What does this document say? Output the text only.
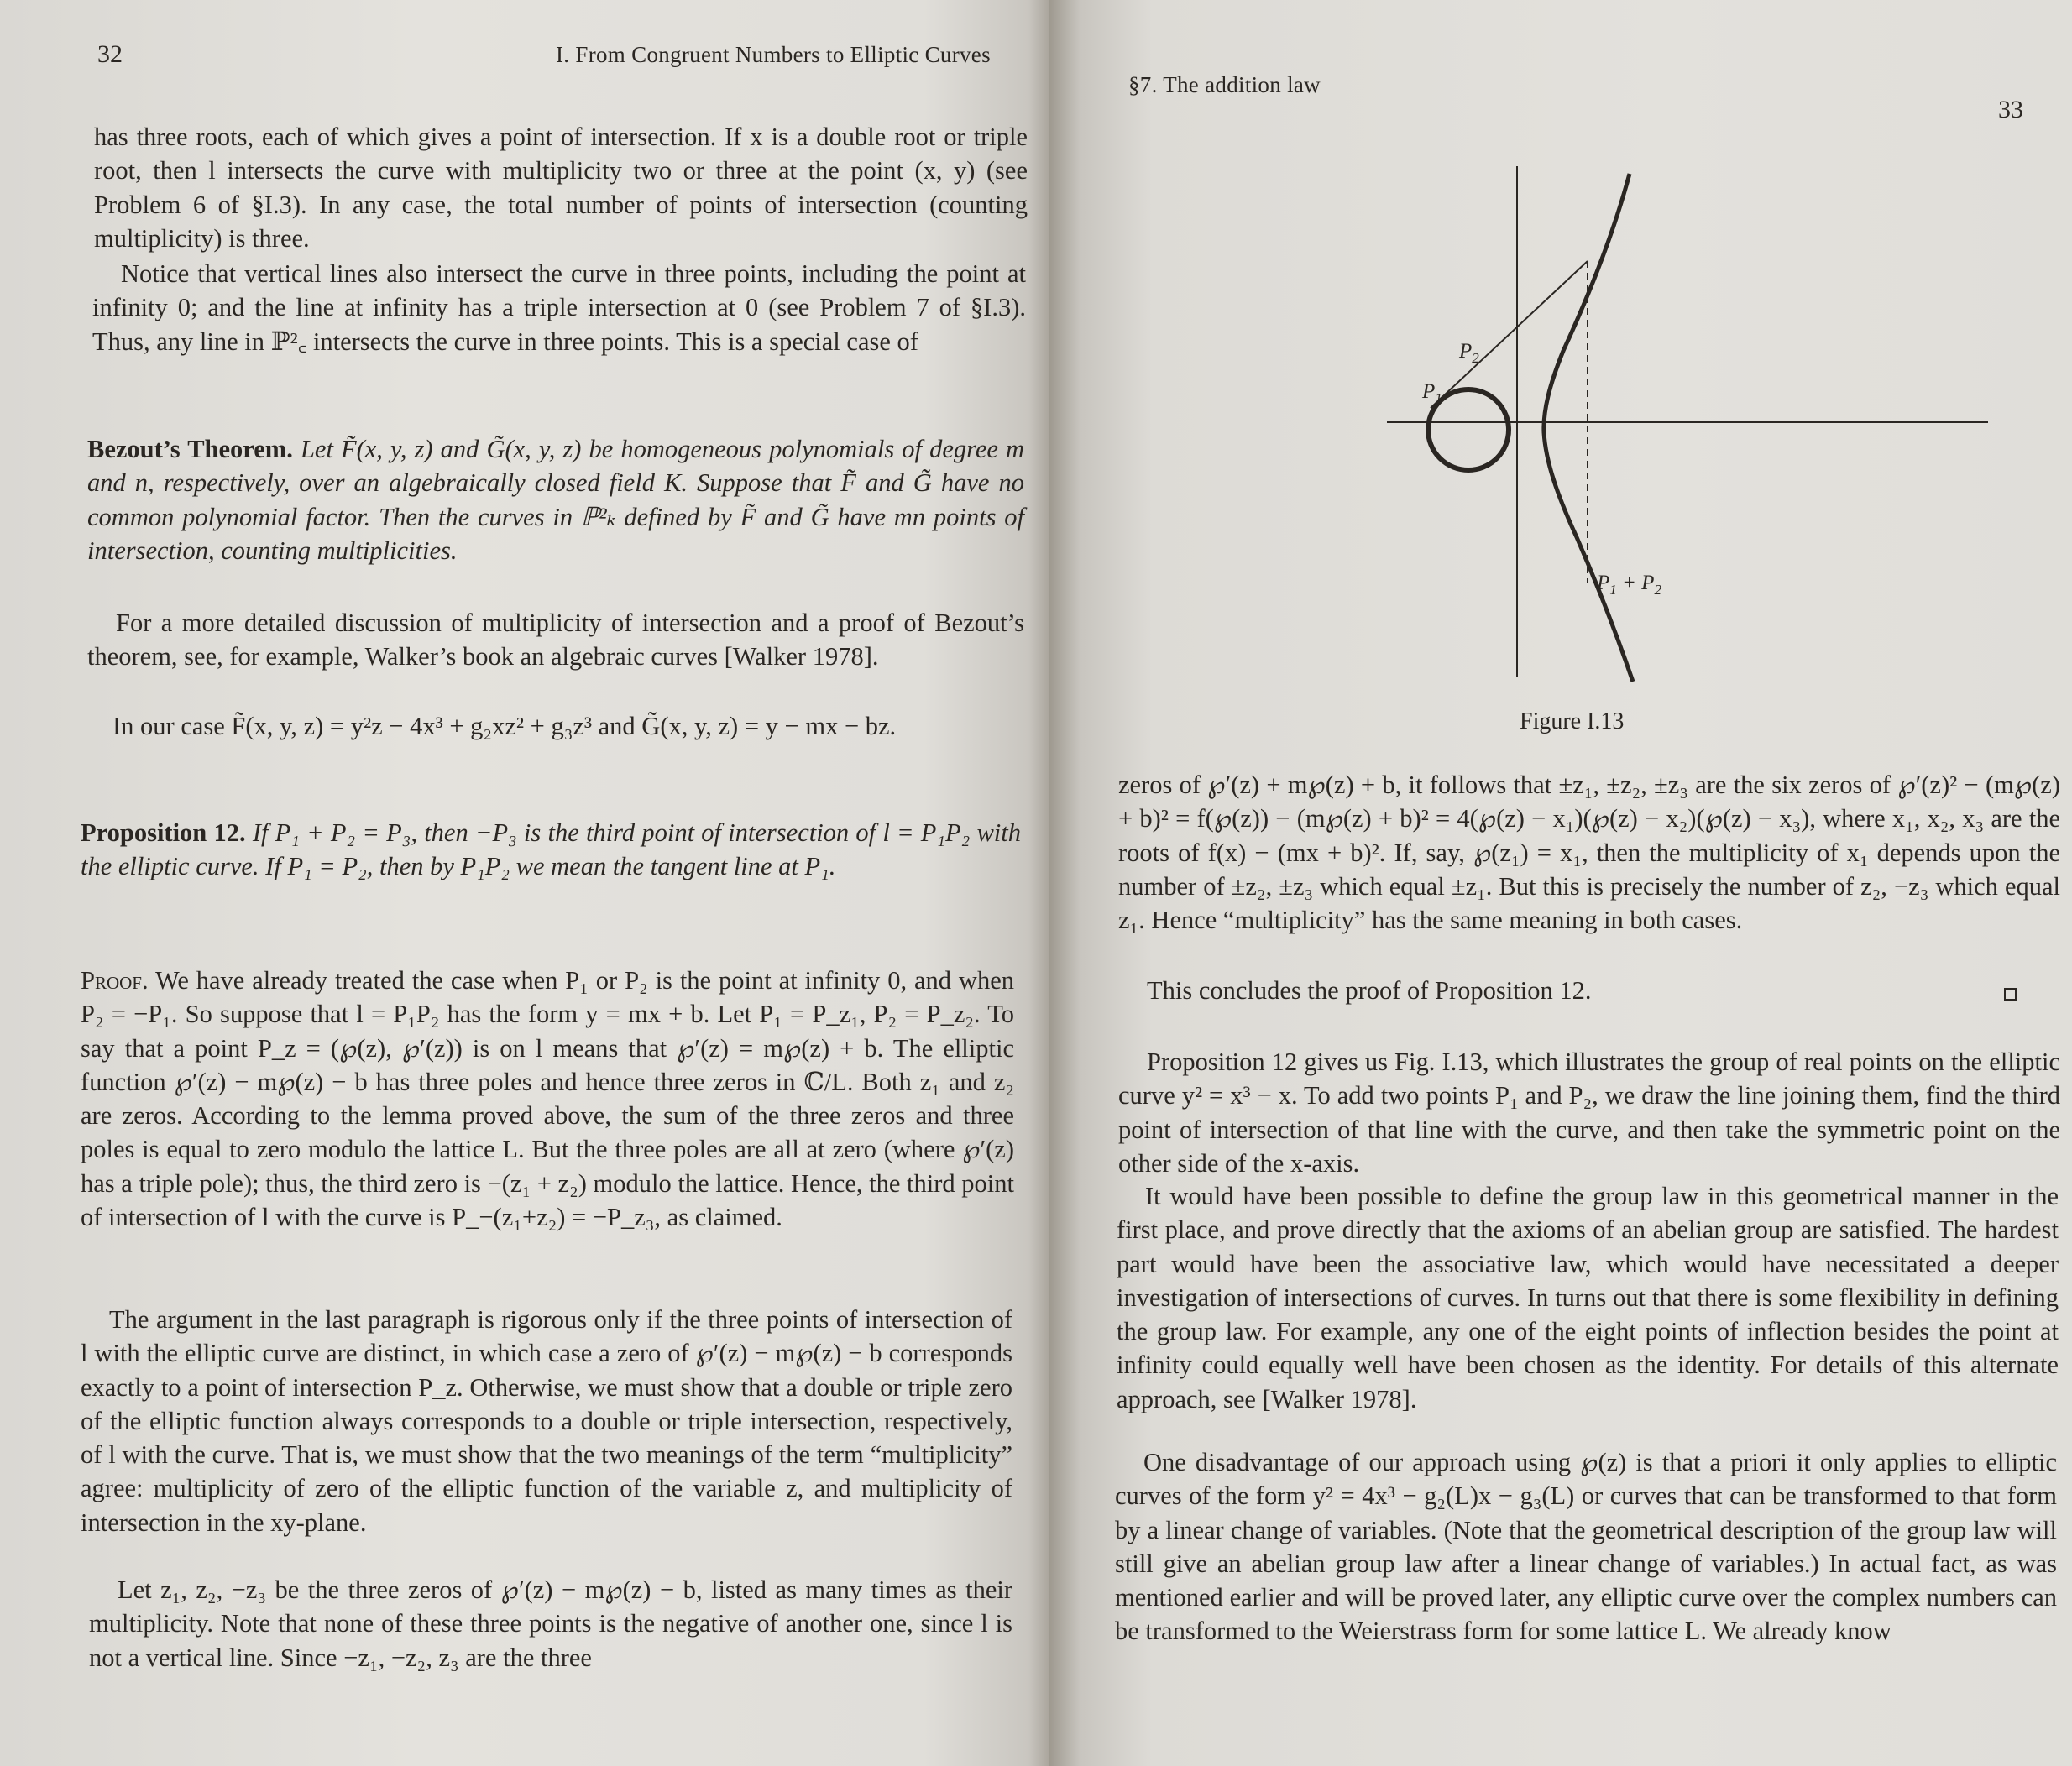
32	I. From Congruent Numbers to Elliptic Curves

has three roots, each of which gives a point of intersection. If x is a double root or triple root, then l intersects the curve with multiplicity two or three at the point (x, y) (see Problem 6 of §I.3). In any case, the total number of points of intersection (counting multiplicity) is three.

Notice that vertical lines also intersect the curve in three points, including the point at infinity 0; and the line at infinity has a triple intersection at 0 (see Problem 7 of §I.3). Thus, any line in ℙ²꜀ intersects the curve in three points. This is a special case of

Bezout’s Theorem. Let F̃(x, y, z) and G̃(x, y, z) be homogeneous polynomials of degree m and n, respectively, over an algebraically closed field K. Suppose that F̃ and G̃ have no common polynomial factor. Then the curves in ℙ²ₖ defined by F̃ and G̃ have mn points of intersection, counting multiplicities.

For a more detailed discussion of multiplicity of intersection and a proof of Bezout’s theorem, see, for example, Walker’s book an algebraic curves [Walker 1978].

In our case F̃(x, y, z) = y²z − 4x³ + g₂xz² + g₃z³ and G̃(x, y, z) = y − mx − bz.

Proposition 12. If P₁ + P₂ = P₃, then −P₃ is the third point of intersection of l = P₁P₂ with the elliptic curve. If P₁ = P₂, then by P₁P₂ we mean the tangent line at P₁.

Proof. We have already treated the case when P₁ or P₂ is the point at infinity 0, and when P₂ = −P₁. So suppose that l = P₁P₂ has the form y = mx + b. Let P₁ = P_z₁, P₂ = P_z₂. To say that a point P_z = (℘(z), ℘′(z)) is on l means that ℘′(z) = m℘(z) + b. The elliptic function ℘′(z) − m℘(z) − b has three poles and hence three zeros in ℂ/L. Both z₁ and z₂ are zeros. According to the lemma proved above, the sum of the three zeros and three poles is equal to zero modulo the lattice L. But the three poles are all at zero (where ℘′(z) has a triple pole); thus, the third zero is −(z₁ + z₂) modulo the lattice. Hence, the third point of intersection of l with the curve is P_−(z₁+z₂) = −P_z₃, as claimed.

The argument in the last paragraph is rigorous only if the three points of intersection of l with the elliptic curve are distinct, in which case a zero of ℘′(z) − m℘(z) − b corresponds exactly to a point of intersection P_z. Otherwise, we must show that a double or triple zero of the elliptic function always corresponds to a double or triple intersection, respectively, of l with the curve. That is, we must show that the two meanings of the term “multiplicity” agree: multiplicity of zero of the elliptic function of the variable z, and multiplicity of intersection in the xy-plane.

Let z₁, z₂, −z₃ be the three zeros of ℘′(z) − m℘(z) − b, listed as many times as their multiplicity. Note that none of these three points is the negative of another one, since l is not a vertical line. Since −z₁, −z₂, z₃ are the three

§7. The addition law
33
$P_1$
$P_2$
$P_1 + P_2$
Figure I.13

zeros of ℘′(z) + m℘(z) + b, it follows that ±z₁, ±z₂, ±z₃ are the six zeros of ℘′(z)² − (m℘(z) + b)² = f(℘(z)) − (m℘(z) + b)² = 4(℘(z) − x₁)(℘(z) − x₂)(℘(z) − x₃), where x₁, x₂, x₃ are the roots of f(x) − (mx + b)². If, say, ℘(z₁) = x₁, then the multiplicity of x₁ depends upon the number of ±z₂, ±z₃ which equal ±z₁. But this is precisely the number of z₂, −z₃ which equal z₁. Hence “multiplicity” has the same meaning in both cases.

This concludes the proof of Proposition 12.

Proposition 12 gives us Fig. I.13, which illustrates the group of real points on the elliptic curve y² = x³ − x. To add two points P₁ and P₂, we draw the line joining them, find the third point of intersection of that line with the curve, and then take the symmetric point on the other side of the x-axis.

It would have been possible to define the group law in this geometrical manner in the first place, and prove directly that the axioms of an abelian group are satisfied. The hardest part would have been the associative law, which would have necessitated a deeper investigation of intersections of curves. In turns out that there is some flexibility in defining the group law. For example, any one of the eight points of inflection besides the point at infinity could equally well have been chosen as the identity. For details of this alternate approach, see [Walker 1978].

One disadvantage of our approach using ℘(z) is that a priori it only applies to elliptic curves of the form y² = 4x³ − g₂(L)x − g₃(L) or curves that can be transformed to that form by a linear change of variables. (Note that the geometrical description of the group law will still give an abelian group law after a linear change of variables.) In actual fact, as was mentioned earlier and will be proved later, any elliptic curve over the complex numbers can be transformed to the Weierstrass form for some lattice L. We already know
